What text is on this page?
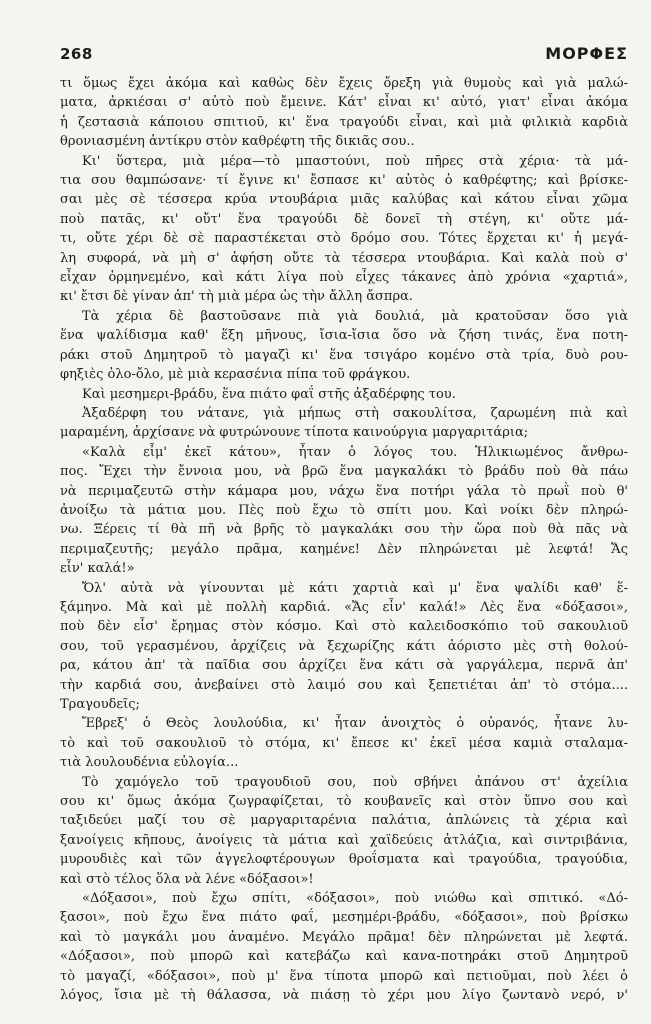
268	ΜΟΡΦΕΣ
τι ὅμως ἔχει ἀκόμα καὶ καθὼς δὲν ἔχεις ὄρεξη γιὰ θυμοὺς καὶ γιὰ μαλώ-
ματα, ἀρκιέσαι σ' αὐτὸ ποὺ ἔμεινε. Κάτ' εἶναι κι' αὐτό, γιατ' εἶναι ἀκόμα
ἡ ζεστασιὰ κάποιου σπιτιοῦ, κι' ἕνα τραγούδι εἶναι, καὶ μιὰ φιλικιὰ καρδιὰ
θρονιασμένη ἀντίκρυ στὸν καθρέφτη τῆς δικιᾶς σου..
Κι' ὕστερα, μιὰ μέρα—τὸ μπαστούνι, ποὺ πῆρες στὰ χέρια· τὰ μά-
τια σου θαμπώσανε· τί ἔγινε κι' ἔσπασε κι' αὐτὸς ὁ καθρέφτης; καὶ βρίσκε-
σαι μὲς σὲ τέσσερα κρύα ντουβάρια μιᾶς καλύβας καὶ κάτου εἶναι χῶμα
ποὺ πατᾶς, κι' οὔτ' ἕνα τραγούδι δὲ δονεῖ τὴ στέγη, κι' οὔτε μά-
τι, οὔτε χέρι δὲ σὲ παραστέκεται στὸ δρόμο σου. Τότες ἔρχεται κι' ἡ μεγά-
λη συφορά, νὰ μὴ σ' ἀφήση οὔτε τὰ τέσσερα ντουβάρια. Καὶ καλὰ ποὺ σ'
εἶχαν ὁρμηνεμένο, καὶ κάτι λίγα ποὺ εἶχες τάκανες ἀπὸ χρόνια «χαρτιά»,
κι' ἔτσι δὲ γίναν ἀπ' τὴ μιὰ μέρα ὡς τὴν ἄλλη ἄσπρα.
Τὰ χέρια δὲ βαστοῦσανε πιὰ γιὰ δουλιά, μὰ κρατοῦσαν ὅσο γιὰ
ἕνα ψαλίδισμα καθ' ἕξη μῆνους, ἴσια-ἴσια ὅσο νὰ ζήση τινάς, ἕνα ποτη-
ράκι στοῦ Δημητροῦ τὸ μαγαζὶ κι' ἕνα τσιγάρο κομένο στὰ τρία, δυὸ ρου-
φηξιὲς ὀλο-ὄλο, μὲ μιὰ κερασένια πίπα τοῦ φράγκου.
Καὶ μεσημερι-βράδυ, ἕνα πιάτο φαΐ στῆς ἀξαδέρφης του.
Ἀξαδέρφη του νάτανε, γιὰ μήπως στὴ σακουλίτσα, ζαρωμένη πιὰ καὶ
μαραμένη, ἀρχίσανε νὰ φυτρώνουνε τίποτα καινούργια μαργαριτάρια;
«Καλὰ εἶμ' ἐκεῖ κάτου», ἦταν ὁ λόγος του. Ἡλικιωμένος ἄνθρω-
πος. Ἔχει τὴν ἔννοια μου, νὰ βρῶ ἕνα μαγκαλάκι τὸ βράδυ ποὺ θὰ πάω
νὰ περιμαζευτῶ στὴν κάμαρα μου, νάχω ἕνα ποτήρι γάλα τὸ πρωῒ ποὺ θ'
ἀνοίξω τὰ μάτια μου. Πὲς ποὺ ἔχω τὸ σπίτι μου. Καὶ νοίκι δὲν πληρώ-
νω. Ξέρεις τί θὰ πῆ νὰ βρῆς τὸ μαγκαλάκι σου τὴν ὥρα ποὺ θὰ πᾶς νὰ
περιμαζευτῆς; μεγάλο πρᾶμα, καημένε! Δὲν πληρώνεται μὲ λεφτά! Ἄς
εἶν' καλά!»
Ὄλ' αὐτὰ νὰ γίνουνται μὲ κάτι χαρτιὰ καὶ μ' ἕνα ψαλίδι καθ' ἕ-
ξάμηνο. Μὰ καὶ μὲ πολλὴ καρδιά. «Ἄς εἶν' καλά!» Λὲς ἕνα «δόξασοι»,
ποὺ δὲν εἶσ' ἔρημας στὸν κόσμο. Καὶ στὸ καλειδοσκόπιο τοῦ σακουλιοῦ
σου, τοῦ γερασμένου, ἀρχίζεις νὰ ξεχωρίζης κάτι ἀόριστο μὲς στὴ θολού-
ρα, κάτου ἀπ' τὰ παῖδια σου ἀρχίζει ἕνα κάτι σὰ γαργάλεμα, περνᾶ ἀπ'
τὴν καρδιά σου, ἀνεβαίνει στὸ λαιμό σου καὶ ξεπετιέται ἀπ' τὸ στόμα....
Τραγουδεῖς;
Ἔβρεξ' ὁ Θεὸς λουλούδια, κι' ἦταν ἀνοιχτὸς ὁ οὐρανός, ἦτανε λυ-
τὸ καὶ τοῦ σακουλιοῦ τὸ στόμα, κι' ἔπεσε κι' ἐκεῖ μέσα καμιὰ σταλαμα-
τιὰ λουλουδένια εὐλογία...
Τὸ χαμόγελο τοῦ τραγουδιοῦ σου, ποὺ σβήνει ἀπάνου στ' ἀχείλια
σου κι' ὅμως ἀκόμα ζωγραφίζεται, τὸ κουβανεῖς καὶ στὸν ὕπνο σου καὶ
ταξιδεύει μαζί του σὲ μαργαριταρένια παλάτια, ἁπλώνεις τὰ χέρια καὶ
ξανοίγεις κῆπους, ἀνοίγεις τὰ μάτια καὶ χαϊδεύεις ἀτλάζια, καὶ σιντριβάνια,
μυρουδιὲς καὶ τῶν ἀγγελοφτέρουγων θροΐσματα καὶ τραγούδια, τραγούδια,
καὶ στὸ τέλος ὅλα νὰ λένε «δόξασοι»!
«Δόξασοι», ποὺ ἔχω σπίτι, «δόξασοι», ποὺ νιώθω καὶ σπιτικό. «Δό-
ξασοι», ποὺ ἔχω ἕνα πιάτο φαΐ, μεσημέρι-βράδυ, «δόξασοι», ποὺ βρίσκω
καὶ τὸ μαγκάλι μου ἀναμένο. Μεγάλο πρᾶμα! δὲν πληρώνεται μὲ λεφτά.
«Δόξασοι», ποὺ μπορῶ καὶ κατεβάζω καὶ κανα-ποτηράκι στοῦ Δημητροῦ
τὸ μαγαζί, «δόξασοι», ποὺ μ' ἕνα τίποτα μπορῶ καὶ πετιοῦμαι, ποὺ λέει ὁ
λόγος, ἴσια μὲ τὴ θάλασσα, νὰ πιάσῃ τὸ χέρι μου λίγο ζωντανὸ νερό, ν'
